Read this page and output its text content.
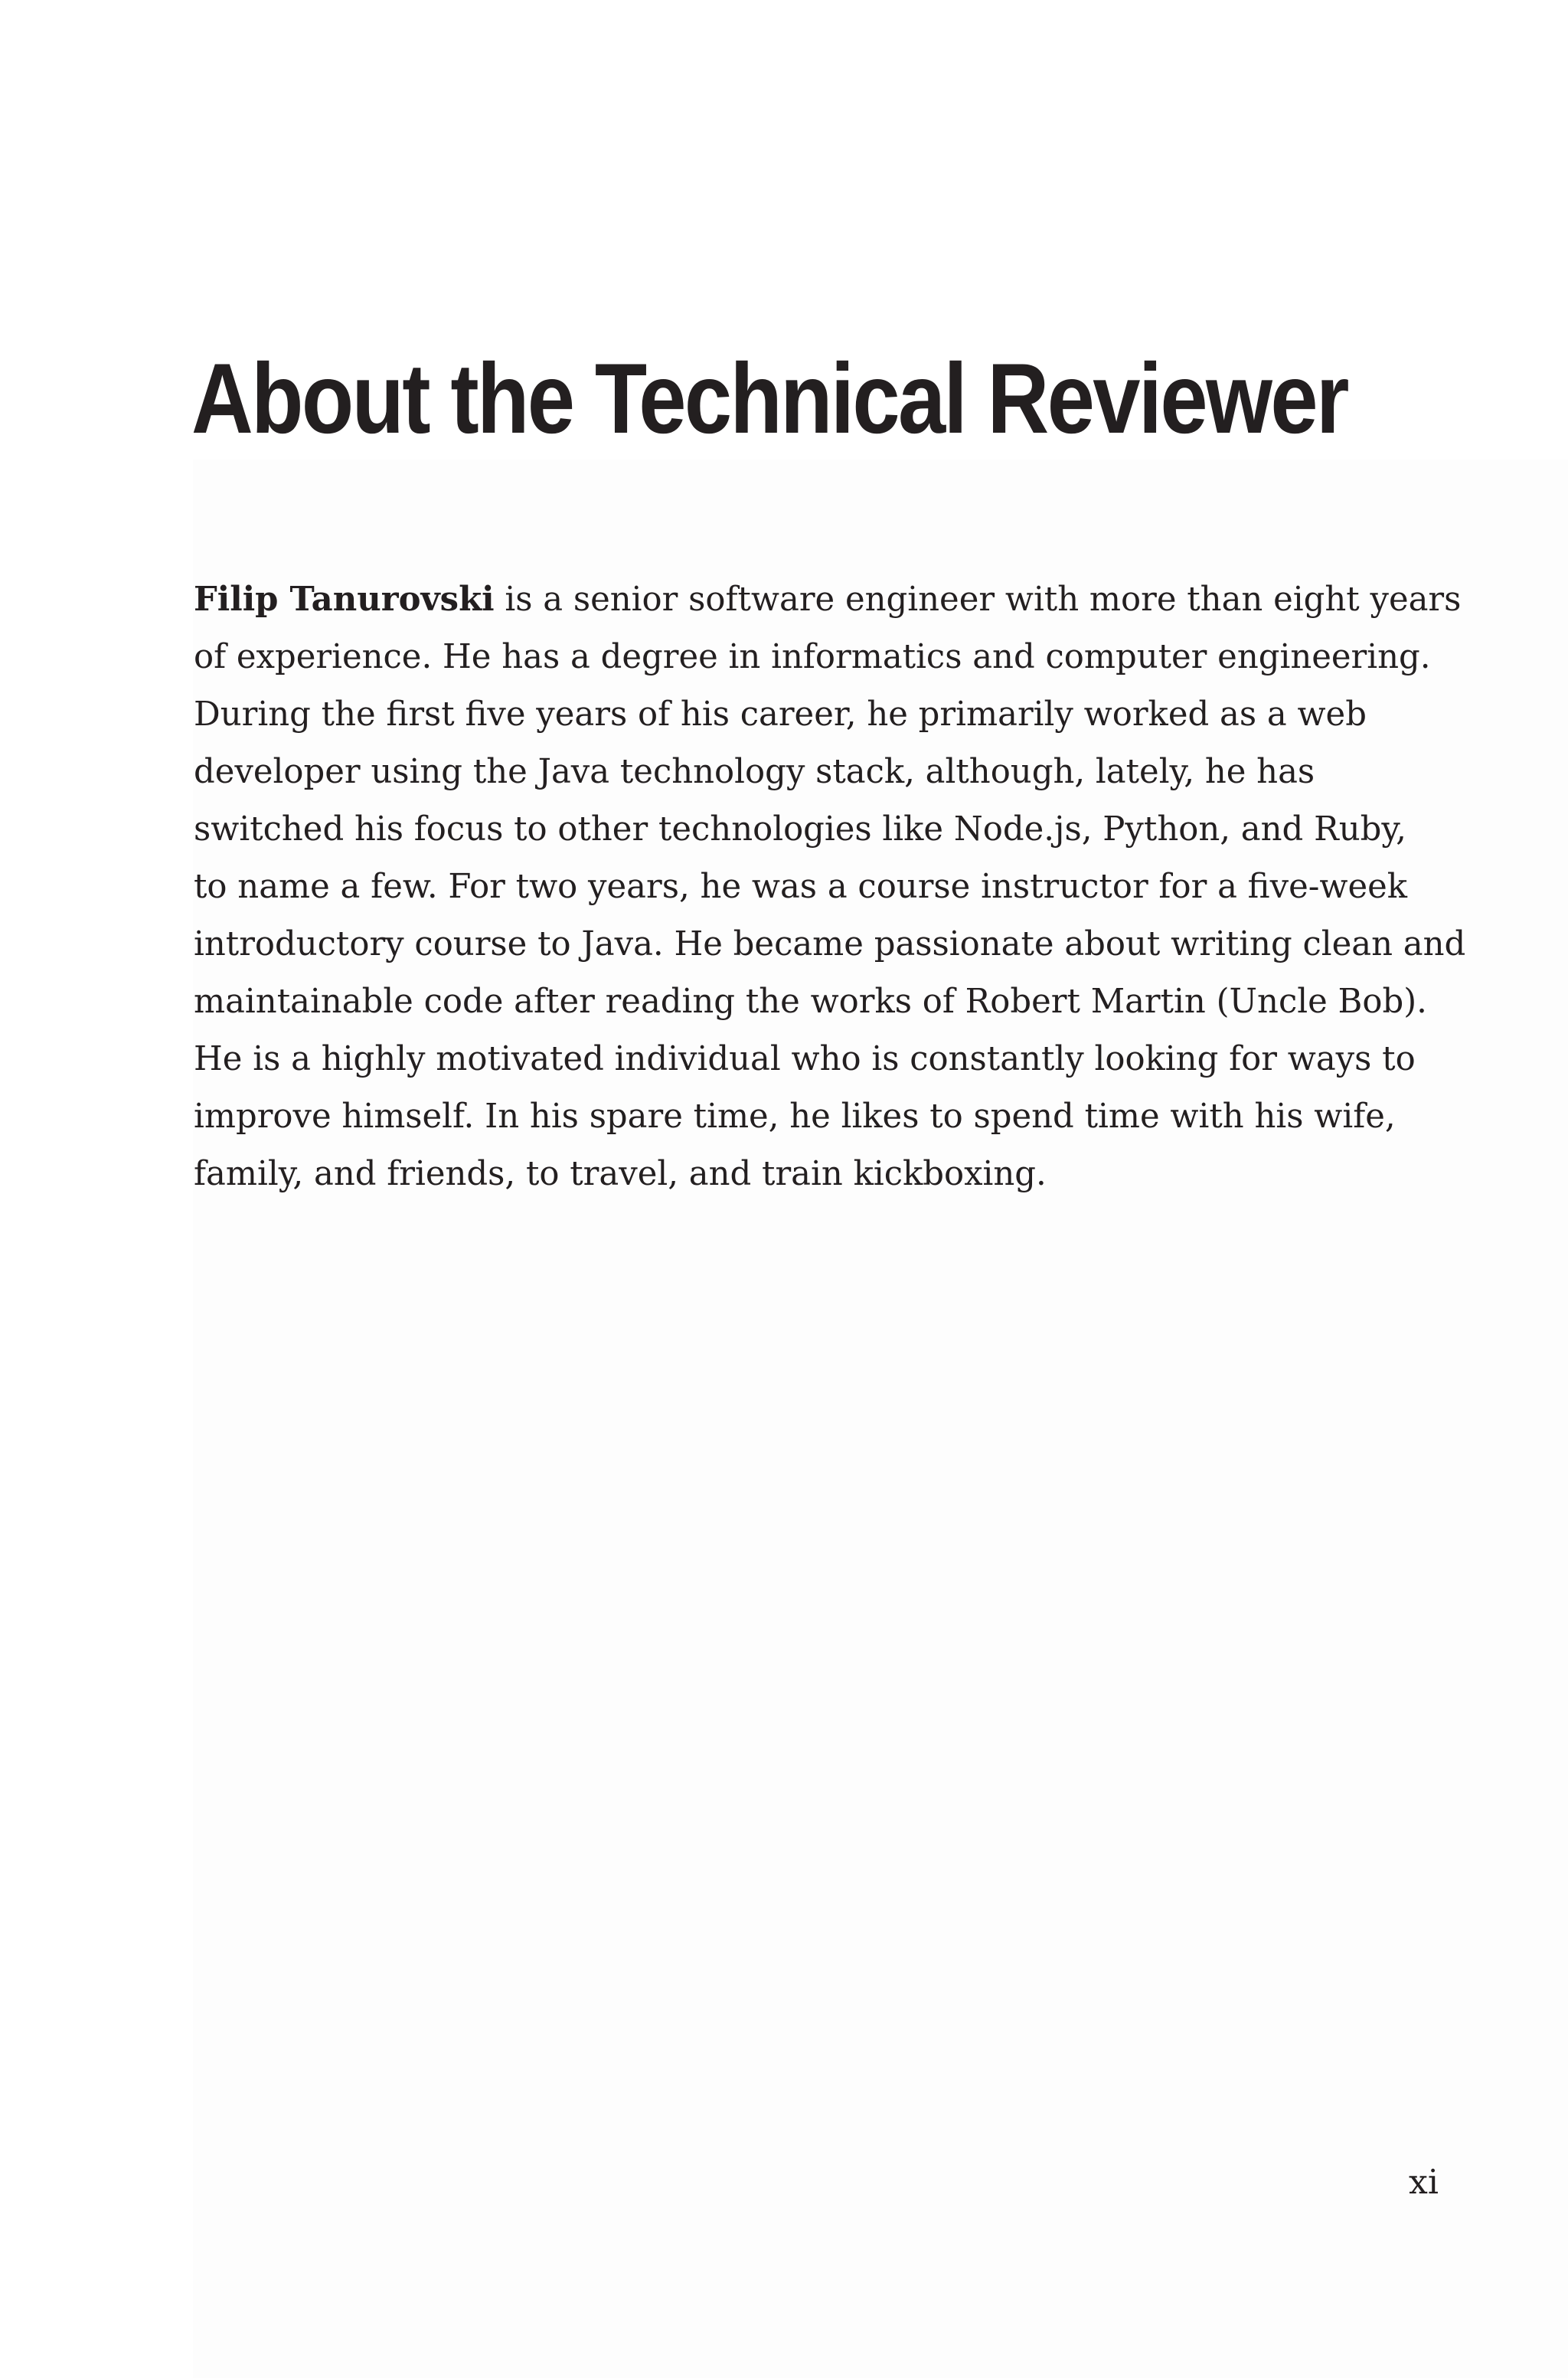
About the Technical Reviewer
Filip Tanurovski is a senior software engineer with more than eight years
of experience. He has a degree in informatics and computer engineering.
During the first five years of his career, he primarily worked as a web
developer using the Java technology stack, although, lately, he has
switched his focus to other technologies like Node.js, Python, and Ruby,
to name a few. For two years, he was a course instructor for a five-week
introductory course to Java. He became passionate about writing clean and
maintainable code after reading the works of Robert Martin (Uncle Bob).
He is a highly motivated individual who is constantly looking for ways to
improve himself. In his spare time, he likes to spend time with his wife,
family, and friends, to travel, and train kickboxing.

xi
